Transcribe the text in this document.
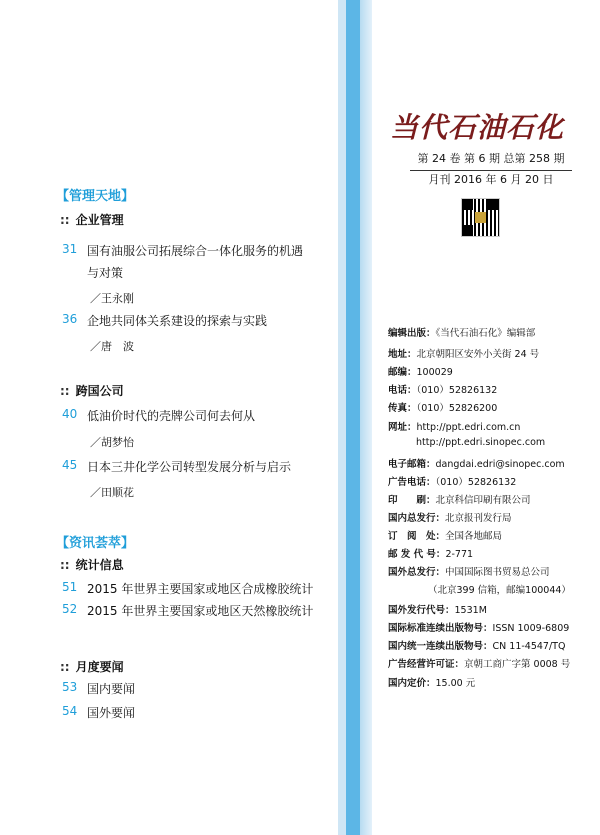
当代石油石化
第 24 卷 第 6 期 总第 258 期
月刊 2016 年 6 月 20 日
编辑出版：《当代石油石化》编辑部
地址：北京朝阳区安外小关街 24 号
邮编：100029
电话：（010）52826132
传真：（010）52826200
网址：http://ppt.edri.com.cn
http://ppt.edri.sinopec.com
电子邮箱：dangdai.edri@sinopec.com
广告电话：（010）52826132
印　　刷：北京科信印刷有限公司
国内总发行：北京报刊发行局
订　阅　处：全国各地邮局
邮 发 代 号：2-771
国外总发行：中国国际图书贸易总公司
（北京399 信箱，邮编100044）
国外发行代号：1531M
国际标准连续出版物号：ISSN 1009-6809
国内统一连续出版物号：CN 11-4547/TQ
广告经营许可证：京朝工商广字第 0008 号
国内定价：15.00 元
【管理天地】
:: 企业管理
31 国有油服公司拓展综合一体化服务的机遇
与对策
／王永刚
36 企地共同体关系建设的探索与实践
／唐　波
:: 跨国公司
40 低油价时代的壳牌公司何去何从
／胡梦怡
45 日本三井化学公司转型发展分析与启示
／田顺花
【资讯荟萃】
:: 统计信息
51 2015 年世界主要国家或地区合成橡胶统计
52 2015 年世界主要国家或地区天然橡胶统计
:: 月度要闻
53 国内要闻
54 国外要闻
